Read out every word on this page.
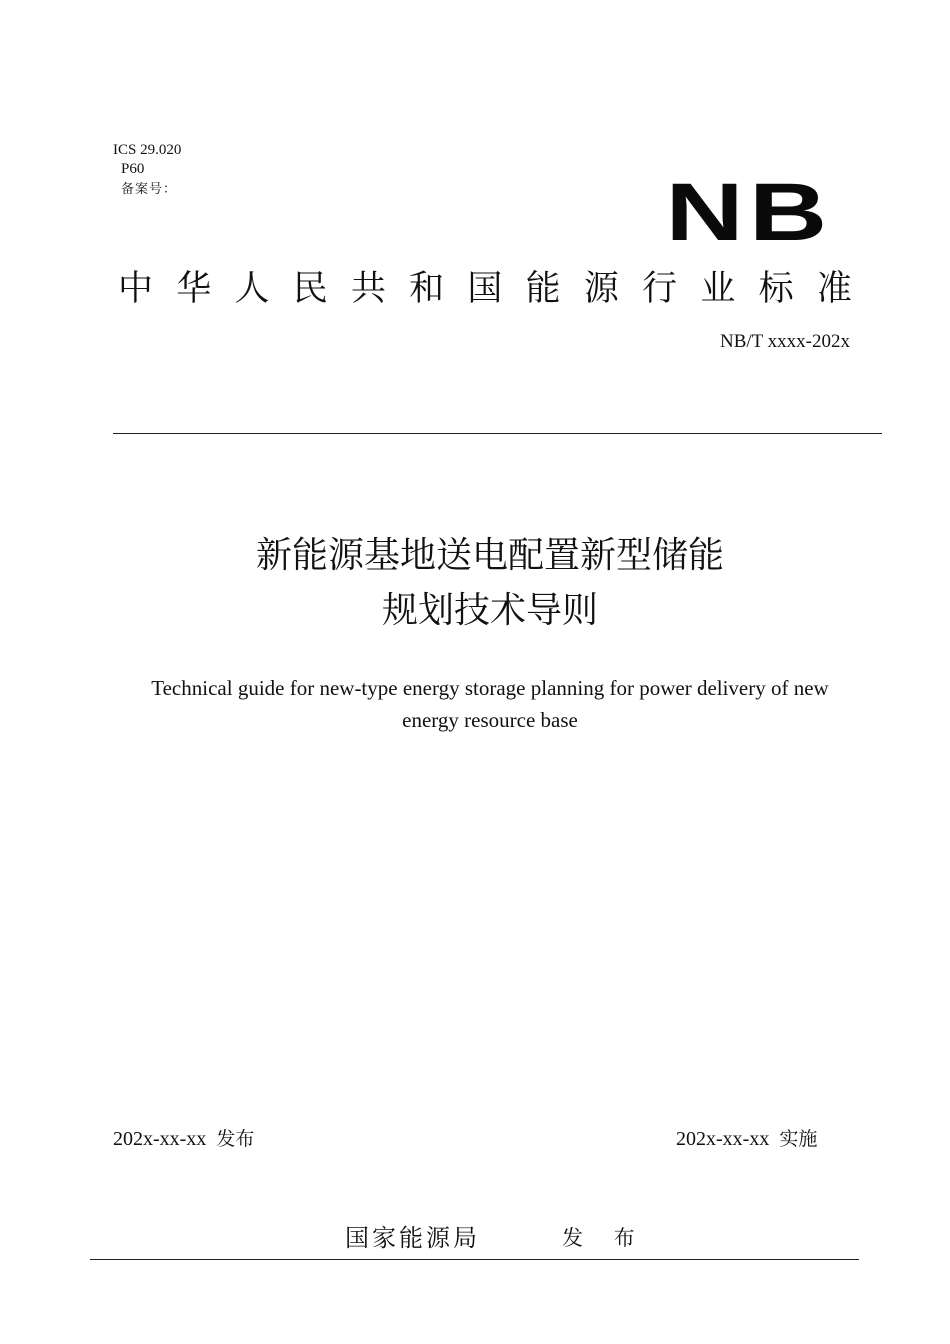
ICS 29.020
P60
备案号：	NB
中 华 人 民 共 和 国 能 源 行 业 标 准
NB/T xxxx-202x
新能源基地送电配置新型储能
规划技术导则
Technical guide for new-type energy storage planning for power delivery of new
energy resource base
202x-xx-xx 发布	202x-xx-xx 实施
国家能源局	发 布
